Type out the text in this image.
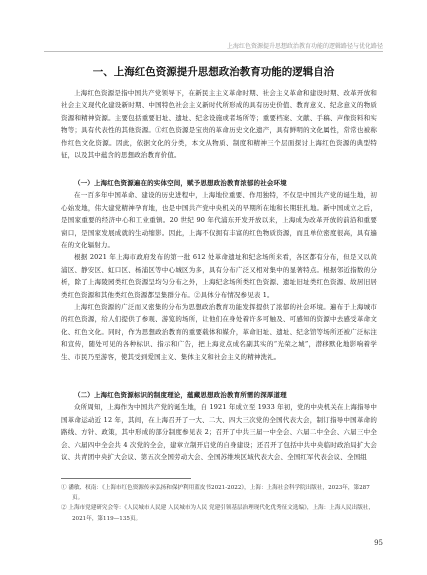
上海红色资源提升思想政治教育功能的逻辑路径与优化路径
一、上海红色资源提升思想政治教育功能的逻辑自洽

上海红色资源是指中国共产党领导下，在新民主主义革命时期、社会主义革命和建设时期、改革开放和社会主义现代化建设新时期、中国特色社会主义新时代所形成的具有历史价值、教育意义、纪念意义的物质资源和精神资源。主要包括重要旧址、遗址、纪念设施或者场所等；重要档案、文献、手稿、声像资料和实物等；具有代表性的其他资源。①红色资源是宝贵的革命历史文化遗产，具有鲜明的文化属性，常常也被称作红色文化资源。因此，依据文化的分类，本文从物质、制度和精神三个层面探讨上海红色资源的典型特征，以及其中蕴含的思想政治教育价值。

（一）上海红色资源遍在的实体空间，赋予思想政治教育浓郁的社会环境

在一百多年中国革命、建设的历史进程中，上海地位重要、作用独特，不仅是中国共产党的诞生地，初心始发地，伟大建党精神孕育地，也是中国共产党中央机关的早期所在地和长期驻扎地。新中国成立之后，是国家重要的经济中心和工业重镇。20 世纪 90 年代浦东开发开放以来，上海成为改革开放的前沿和重要窗口，是国家发展成就的生动缩影。因此，上海不仅拥有丰富的红色物质资源，而且单位密度很高，具有遍在的文化辐射力。

根据 2021 年上海市政府发布的第一批 612 处革命遗址和纪念场所来看，各区都有分布，但是又以黄浦区、静安区、虹口区、杨浦区等中心城区为多，具有分布广泛又相对集中的显著特点。根据邻近指数的分析，除了上海陵园类红色资源呈均匀分布之外，上海纪念场所类红色资源、遗址旧址类红色资源、故居旧居类红色资源和其他类红色资源都呈集群分布。②具体分布情况参见表 1。

上海红色资源的广泛而又密集的分布为思想政治教育功能发挥提供了浓郁的社会环境。遍布于上海城市的红色资源，给人们提供了参观、游览的场所，让他们在身处着许多可触及、可感知的资源中去感受革命文化、红色文化。同时，作为思想政治教育的重要载体和媒介，革命旧址、遗址、纪念馆等场所还被广泛标注和宣传，随处可见的各种标识、指示和广告，把上海竞点成名副其实的“光荣之城”，潜移默化地影响着学生、市民乃至游客，使其受到爱国主义、集体主义和社会主义的精神洗礼。

（二）上海红色资源标识的制度理论，蕴藏思想政治教育所需的深厚道理

众所周知，上海作为中国共产党的诞生地，自 1921 年成立至 1933 年初，党的中央机关在上海指导中国革命运动近 12 年，其间，在上海召开了一大、二大、四大三次党的全国代表大会，制订指导中国革命的路线、方针、政策，其中形成的部分制度参见表 2；召开了中共三届一中全会、六届二中全会、六届三中全会、六届四中全会共 4 次党的全会，建章立制开启党的自身建设；还召开了包括中共中央临时政治局扩大会议、共青团中央扩大会议、第五次全国劳动大会、全国苏维埃区域代表大会、全国红军代表会议、全国组

① 潘敏、权南：《上海市红色资源传承弘扬和保护利用蓝皮书2021-2022》，上海：上海社会科学院出版社，2023年，第287页。

② 上海市党建研究会等：《人民城市人民建 人民城市为人民 党建引领基层治理现代化优秀征文选编》，上海：上海人民出版社，2021年，第119—135页。

95
